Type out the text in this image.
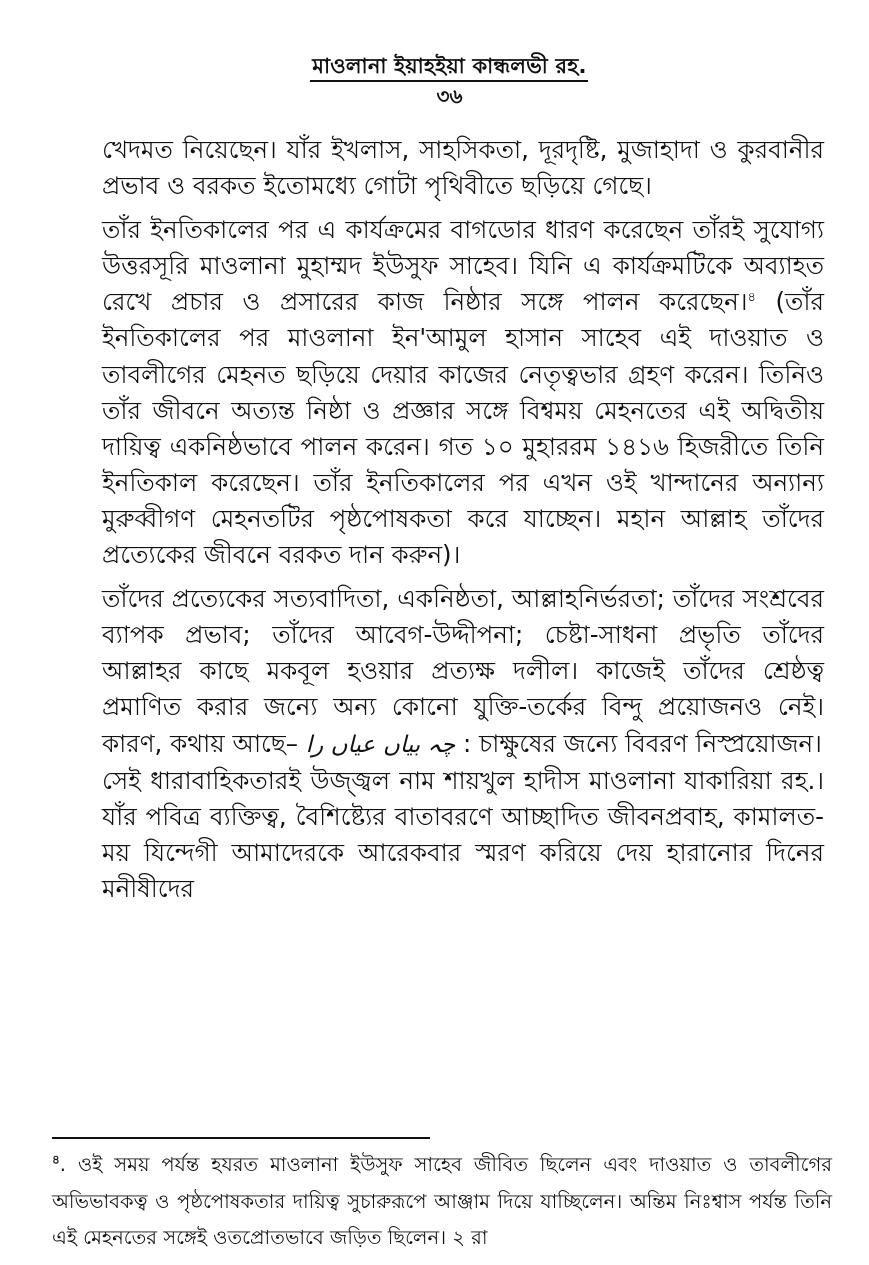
মাওলানা ইয়াহইয়া কান্ধলভী রহ.
৩৬

খেদমত নিয়েছেন। যাঁর ইখলাস, সাহসিকতা, দূরদৃষ্টি, মুজাহাদা ও কুরবানীর প্রভাব ও বরকত ইতোমধ্যে গোটা পৃথিবীতে ছড়িয়ে গেছে।

তাঁর ইনতিকালের পর এ কার্যক্রমের বাগডোর ধারণ করেছেন তাঁরই সুযোগ্য উত্তরসূরি মাওলানা মুহাম্মদ ইউসুফ সাহেব। যিনি এ কার্যক্রমটিকে অব্যাহত রেখে প্রচার ও প্রসারের কাজ নিষ্ঠার সঙ্গে পালন করেছেন।$^৪$ (তাঁর ইনতিকালের পর মাওলানা ইন'আমুল হাসান সাহেব এই দাওয়াত ও তাবলীগের মেহনত ছড়িয়ে দেয়ার কাজের নেতৃত্বভার গ্রহণ করেন। তিনিও তাঁর জীবনে অত্যন্ত নিষ্ঠা ও প্রজ্ঞার সঙ্গে বিশ্বময় মেহনতের এই অদ্বিতীয় দায়িত্ব একনিষ্ঠভাবে পালন করেন। গত ১০ মুহাররম ১৪১৬ হিজরীতে তিনি ইনতিকাল করেছেন। তাঁর ইনতিকালের পর এখন ওই খান্দানের অন্যান্য মুরুব্বীগণ মেহনতটির পৃষ্ঠপোষকতা করে যাচ্ছেন। মহান আল্লাহ তাঁদের প্রত্যেকের জীবনে বরকত দান করুন)।

তাঁদের প্রত্যেকের সত্যবাদিতা, একনিষ্ঠতা, আল্লাহনির্ভরতা; তাঁদের সংশ্রবের ব্যাপক প্রভাব; তাঁদের আবেগ-উদ্দীপনা; চেষ্টা-সাধনা প্রভৃতি তাঁদের আল্লাহর কাছে মকবূল হওয়ার প্রত্যক্ষ দলীল। কাজেই তাঁদের শ্রেষ্ঠত্ব প্রমাণিত করার জন্যে অন্য কোনো যুক্তি-তর্কের বিন্দু প্রয়োজনও নেই। কারণ, কথায় আছে– عیاں را چہ بیاں : চাক্ষুষের জন্যে বিবরণ নিস্প্রয়োজন।

সেই ধারাবাহিকতারই উজ্জ্বল নাম শায়খুল হাদীস মাওলানা যাকারিয়া রহ.। যাঁর পবিত্র ব্যক্তিত্ব, বৈশিষ্ট্যের বাতাবরণে আচ্ছাদিত জীবনপ্রবাহ, কামালত-ময় যিন্দেগী আমাদেরকে আরেকবার স্মরণ করিয়ে দেয় হারানোর দিনের মনীষীদের

$^৪$. ওই সময় পর্যন্ত হযরত মাওলানা ইউসুফ সাহেব জীবিত ছিলেন এবং দাওয়াত ও তাবলীগের অভিভাবকত্ব ও পৃষ্ঠপোষকতার দায়িত্ব সুচারুরূপে আঞ্জাম দিয়ে যাচ্ছিলেন। অন্তিম নিঃশ্বাস পর্যন্ত তিনি এই মেহনতের সঙ্গেই ওতপ্রোতভাবে জড়িত ছিলেন। ২ রা
